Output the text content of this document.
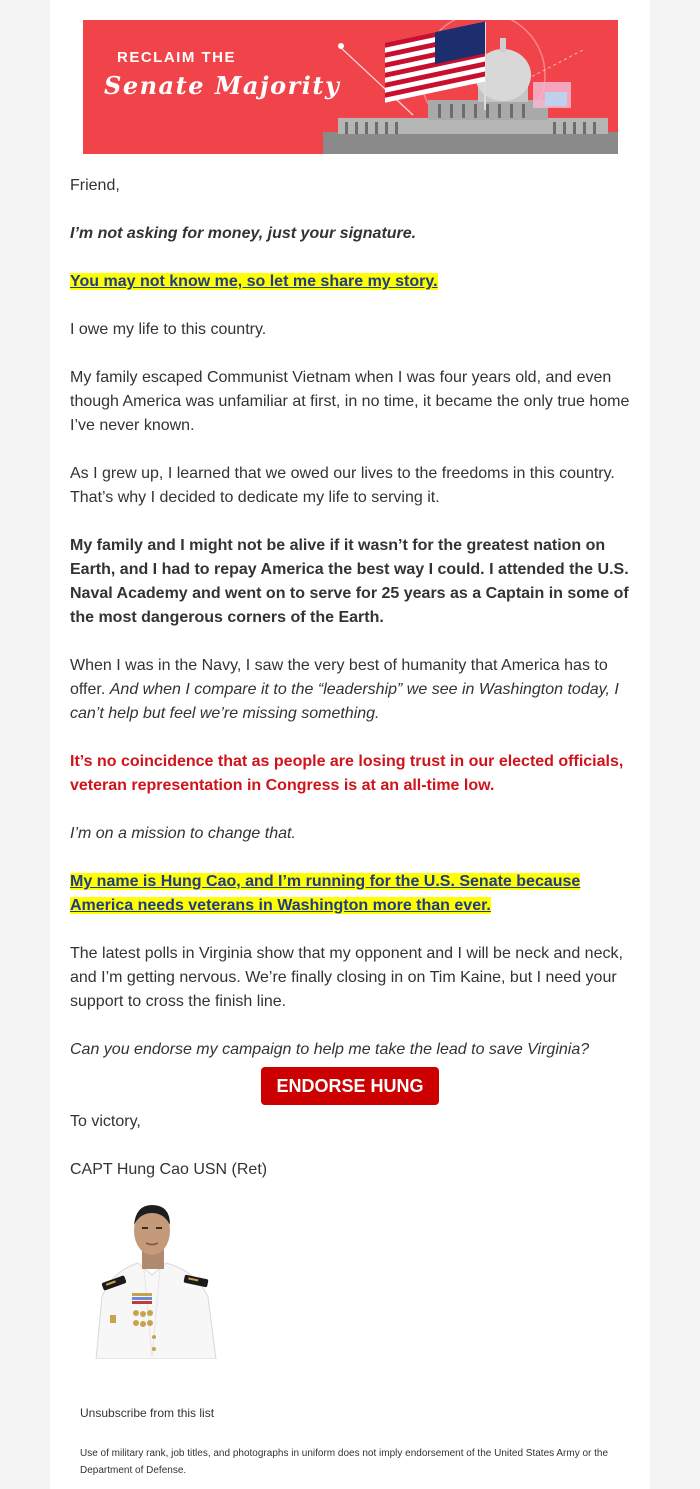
RECLAIM THE
Senate Majority

Friend,

I’m not asking for money, just your signature.

You may not know me, so let me share my story.

I owe my life to this country.

My family escaped Communist Vietnam when I was four years old, and even though America was unfamiliar at first, in no time, it became the only true home I’ve never known.

As I grew up, I learned that we owed our lives to the freedoms in this country. That’s why I decided to dedicate my life to serving it.

My family and I might not be alive if it wasn’t for the greatest nation on Earth, and I had to repay America the best way I could. I attended the U.S. Naval Academy and went on to serve for 25 years as a Captain in some of the most dangerous corners of the Earth.

When I was in the Navy, I saw the very best of humanity that America has to offer. And when I compare it to the “leadership” we see in Washington today, I can’t help but feel we’re missing something.

It’s no coincidence that as people are losing trust in our elected officials, veteran representation in Congress is at an all-time low.

I’m on a mission to change that.

My name is Hung Cao, and I’m running for the U.S. Senate because America needs veterans in Washington more than ever.

The latest polls in Virginia show that my opponent and I will be neck and neck, and I’m getting nervous. We’re finally closing in on Tim Kaine, but I need your support to cross the finish line.

Can you endorse my campaign to help me take the lead to save Virginia?

ENDORSE HUNG

To victory,

CAPT Hung Cao USN (Ret)

Unsubscribe from this list
Use of military rank, job titles, and photographs in uniform does not imply endorsement of the United States Army or the Department of Defense.
